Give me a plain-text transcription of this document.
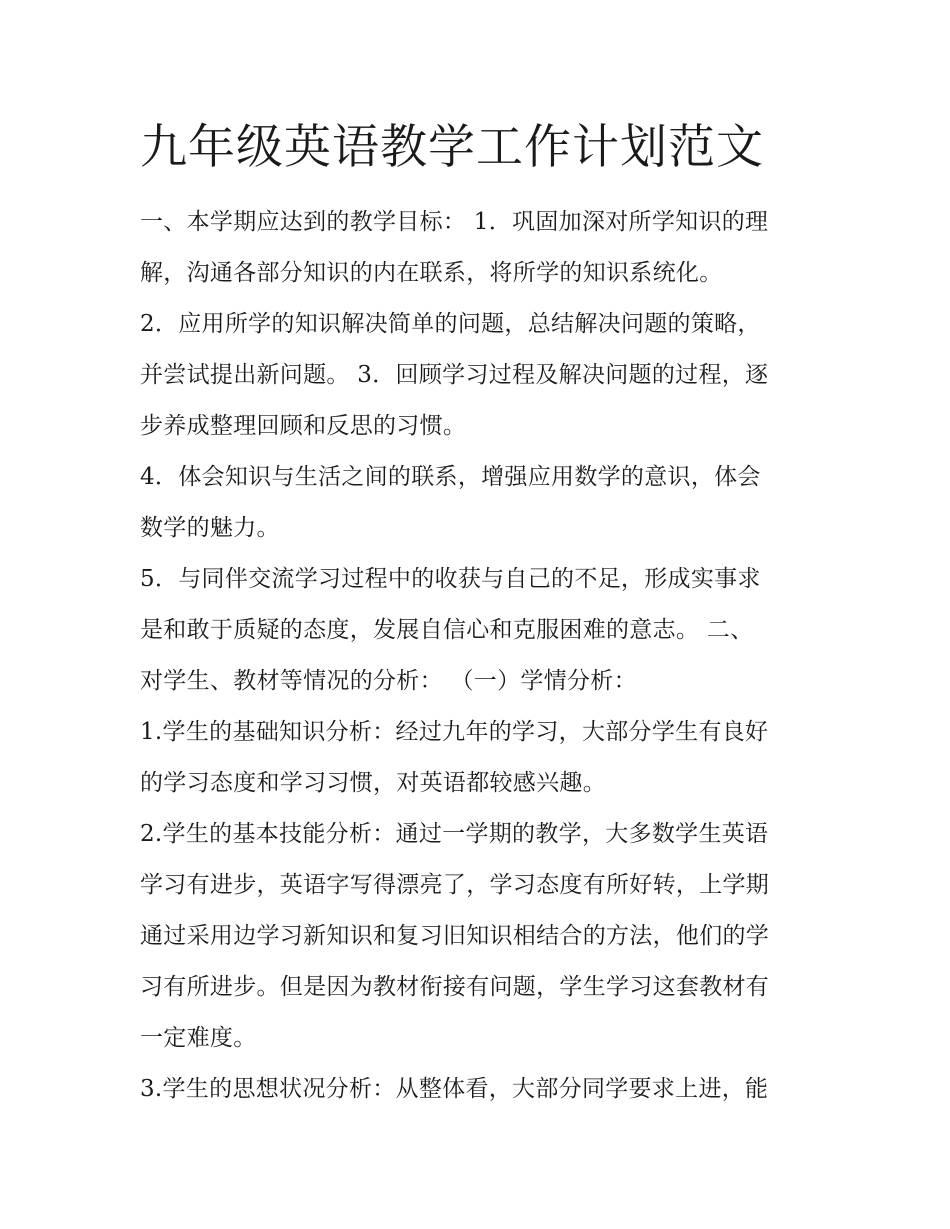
九年级英语教学工作计划范文

一、本学期应达到的教学目标： 1．巩固加深对所学知识的理

解，沟通各部分知识的内在联系，将所学的知识系统化。

2．应用所学的知识解决简单的问题，总结解决问题的策略，

并尝试提出新问题。 3．回顾学习过程及解决问题的过程，逐

步养成整理回顾和反思的习惯。

4．体会知识与生活之间的联系，增强应用数学的意识，体会

数学的魅力。

5．与同伴交流学习过程中的收获与自己的不足，形成实事求

是和敢于质疑的态度，发展自信心和克服困难的意志。 二、

对学生、教材等情况的分析： （一）学情分析：

1.学生的基础知识分析：经过九年的学习，大部分学生有良好

的学习态度和学习习惯，对英语都较感兴趣。

2.学生的基本技能分析：通过一学期的教学，大多数学生英语

学习有进步，英语字写得漂亮了，学习态度有所好转，上学期

通过采用边学习新知识和复习旧知识相结合的方法，他们的学

习有所进步。但是因为教材衔接有问题，学生学习这套教材有

一定难度。

3.学生的思想状况分析：从整体看，大部分同学要求上进，能
